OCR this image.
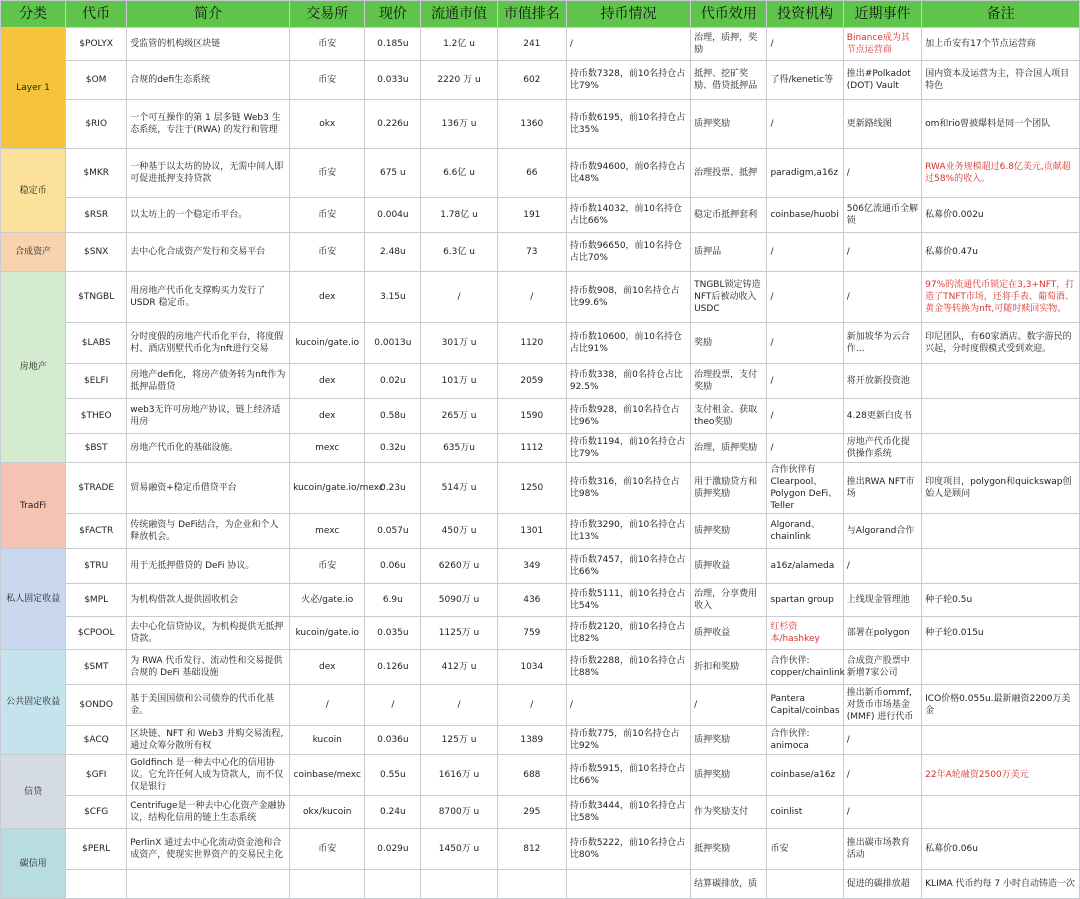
分类	代币	简介	交易所	现价	流通市值	市值排名	持币情况	代币效用	投资机构	近期事件	备注
Layer 1	$POLYX	受监管的机构级区块链	币安	0.185u	1.2亿 u	241	/	治理，质押，奖励	/	Binance成为其节点运营商	加上币安有17个节点运营商
	$OM	合规的defi生态系统	币安	0.033u	2220 万 u	602	持币数7328，前10名持仓占比79%	抵押、挖矿奖励、借贷抵押品	了得/kenetic等	推出#Polkadot (DOT) Vault	国内资本及运营为主，符合国人项目特色
	$RIO	一个可互操作的第 1 层多链 Web3 生态系统，专注于(RWA) 的发行和管理	okx	0.226u	136万 u	1360	持币数6195，前10名持仓占比35%	质押奖励	/	更新路线图	om和rio曾被爆料是同一个团队
稳定币	$MKR	一种基于以太坊的协议，无需中间人即可促进抵押支持贷款	币安	675 u	6.6亿 u	66	持币数94600，前0名持仓占比48%	治理投票、抵押	paradigm,a16z	/	RWA业务规模超过6.8亿美元,贡献超过58%的收入。
	$RSR	以太坊上的一个稳定币平台。	币安	0.004u	1.78亿 u	191	持币数14032，前10名持仓占比66%	稳定币抵押套利	coinbase/huobi	506亿流通币全解锁	私募价0.002u
合成资产	$SNX	去中心化合成资产发行和交易平台	币安	2.48u	6.3亿 u	73	持币数96650，前10名持仓占比70%	质押品	/	/	私募价0.47u
房地产	$TNGBL	用房地产代币化支撑购买力发行了USDR 稳定币。	dex	3.15u	/	/	持币数908，前10名持仓占比99.6%	TNGBL锁定铸造NFT后被动收入USDC	/	/	97%的流通代币锁定在3,3+NFT，打造了TNFT市场，还将手表、葡萄酒、黄金等转换为nft,可随时赎回实物。
	$LABS	分时度假的房地产代币化平台，将度假村、酒店别墅代币化为nft进行交易	kucoin/gate.io	0.0013u	301万 u	1120	持币数10600，前10名持仓占比91%	奖励	/	新加坡华为云合作…	印尼团队，有60家酒店。数字游民的兴起，分时度假模式受到欢迎。
	$ELFI	房地产defi化，将房产债务转为nft作为抵押品借贷	dex	0.02u	101万 u	2059	持币数338，前0名持仓占比92.5%	治理投票，支付奖励	/	将开放新投资池	
	$THEO	web3无许可房地产协议，链上经济适用房	dex	0.58u	265万 u	1590	持币数928，前10名持仓占比96%	支付租金、获取theo奖励	/	4.28更新白皮书	
	$BST	房地产代币化的基础设施。	mexc	0.32u	635万u	1112	持币数1194，前10名持仓占比79%	治理，质押奖励	/	房地产代币化提供操作系统	
TradFi	$TRADE	贸易融资+稳定币借贷平台	kucoin/gate.io/mexc	0.23u	514万 u	1250	持币数316，前10名持仓占比98%	用于激励贷方和质押奖励	合作伙伴有Clearpool、Polygon DeFi、Teller	推出RWA NFT市场	印度项目，polygon和quickswap创始人是顾问
	$FACTR	传统融资与 DeFi结合，为企业和个人释放机会。	mexc	0.057u	450万 u	1301	持币数3290，前10名持仓占比13%	质押奖励	Algorand、chainlink	与Algorand合作	
私人固定收益	$TRU	用于无抵押借贷的 DeFi 协议。	币安	0.06u	6260万 u	349	持币数7457，前10名持仓占比66%	质押收益	a16z/alameda	/	
	$MPL	为机构借款人提供固收机会	火必/gate.io	6.9u	5090万 u	436	持币数5111，前10名持仓占比54%	治理，分享费用收入	spartan group	上线现金管理池	种子轮0.5u
	$CPOOL	去中心化信贷协议，为机构提供无抵押贷款。	kucoin/gate.io	0.035u	1125万 u	759	持币数2120，前10名持仓占比82%	质押收益	红杉资本/hashkey	部署在polygon	种子轮0.015u
公共固定收益	$SMT	为 RWA 代币发行、流动性和交易提供合规的 DeFi 基础设施	dex	0.126u	412万 u	1034	持币数2288，前10名持仓占比88%	折扣和奖励	合作伙伴: copper/chainlink	合成资产股票中新增7家公司	
	$ONDO	基于美国国债和公司债券的代币化基金。	/	/	/	/	/	/	Pantera Capital/coinbas	推出新币ommf,对货币市场基金(MMF) 进行代币	ICO价格0.055u.最新融资2200万美金
	$ACQ	区块链、NFT 和 Web3 并购交易流程,通过众筹分散所有权	kucoin	0.036u	125万 u	1389	持币数775，前10名持仓占比92%	质押奖励	合作伙伴: animoca	/	
信贷	$GFI	Goldfinch 是一种去中心化的信用协议。它允许任何人成为贷款人，而不仅仅是银行	coinbase/mexc	0.55u	1616万 u	688	持币数5915，前10名持仓占比66%	质押奖励	coinbase/a16z	/	22年A轮融资2500万美元
	$CFG	Centrifuge是一种去中心化资产金融协议，结构化信用的链上生态系统	okx/kucoin	0.24u	8700万 u	295	持币数3444，前10名持仓占比58%	作为奖励支付	coinlist	/	
碳信用	$PERL	PerlinX 通过去中心化流动资金池和合成资产，使现实世界资产的交易民主化	币安	0.029u	1450万 u	812	持币数5222，前10名持仓占比80%	抵押奖励	币安	推出碳市场教育活动	私募价0.06u
								结算碳排放，质		促进的碳排放超	KLIMA 代币约每 7 小时自动铸造一次
